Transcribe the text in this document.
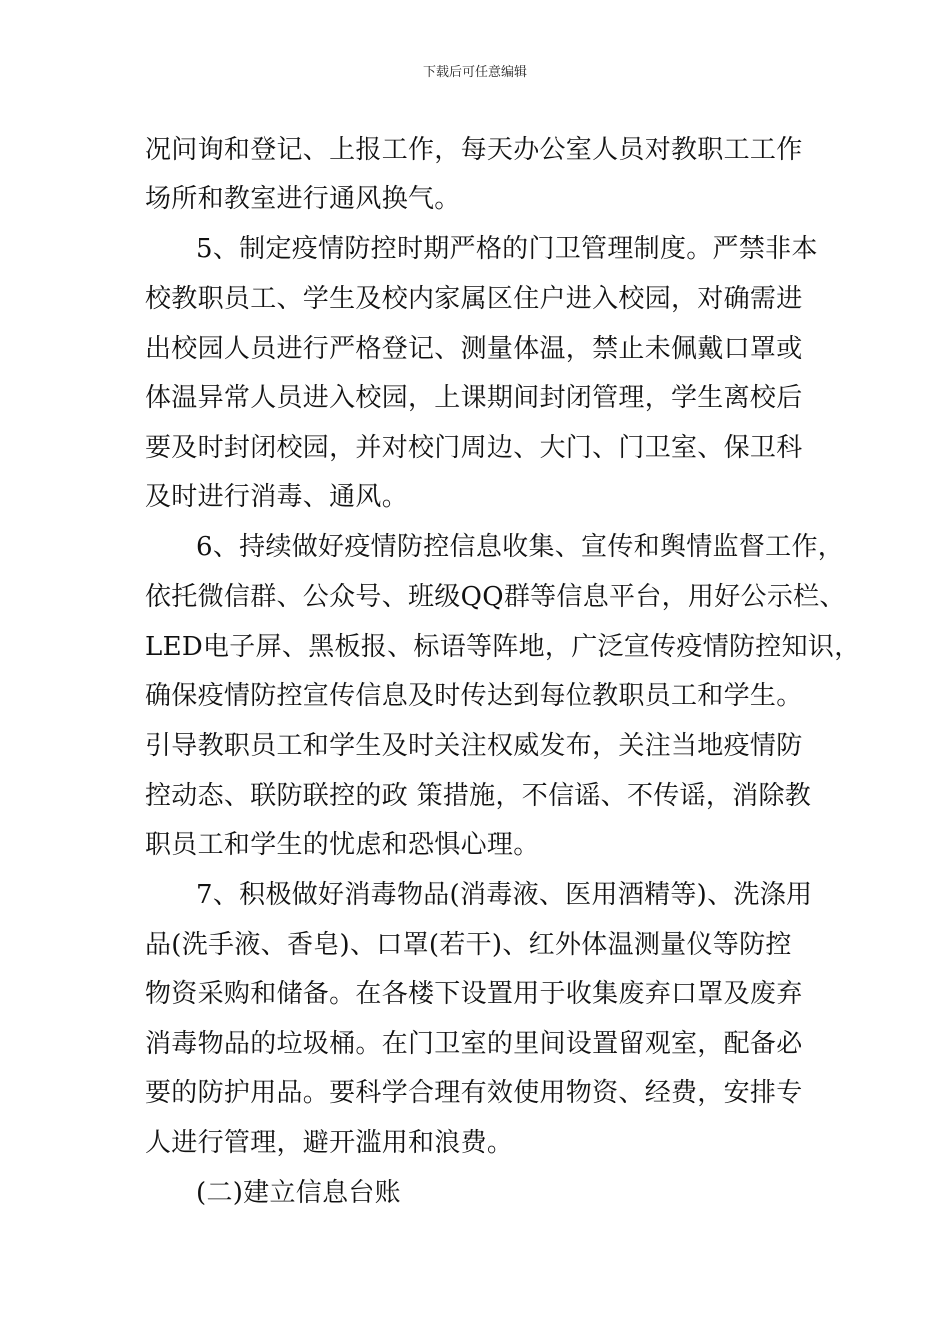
下载后可任意编辑
况问询和登记、上报工作，每天办公室人员对教职工工作
场所和教室进行通风换气。
5、制定疫情防控时期严格的门卫管理制度。严禁非本
校教职员工、学生及校内家属区住户进入校园，对确需进
出校园人员进行严格登记、测量体温，禁止未佩戴口罩或
体温异常人员进入校园，上课期间封闭管理，学生离校后
要及时封闭校园，并对校门周边、大门、门卫室、保卫科
及时进行消毒、通风。
6、持续做好疫情防控信息收集、宣传和舆情监督工作，
依托微信群、公众号、班级QQ群等信息平台，用好公示栏、
LED电子屏、黑板报、标语等阵地，广泛宣传疫情防控知识，
确保疫情防控宣传信息及时传达到每位教职员工和学生。
引导教职员工和学生及时关注权威发布，关注当地疫情防
控动态、联防联控的政 策措施，不信谣、不传谣，消除教
职员工和学生的忧虑和恐惧心理。
7、积极做好消毒物品(消毒液、医用酒精等)、洗涤用
品(洗手液、香皂)、口罩(若干)、红外体温测量仪等防控
物资采购和储备。在各楼下设置用于收集废弃口罩及废弃
消毒物品的垃圾桶。在门卫室的里间设置留观室，配备必
要的防护用品。要科学合理有效使用物资、经费，安排专
人进行管理，避开滥用和浪费。
(二)建立信息台账
